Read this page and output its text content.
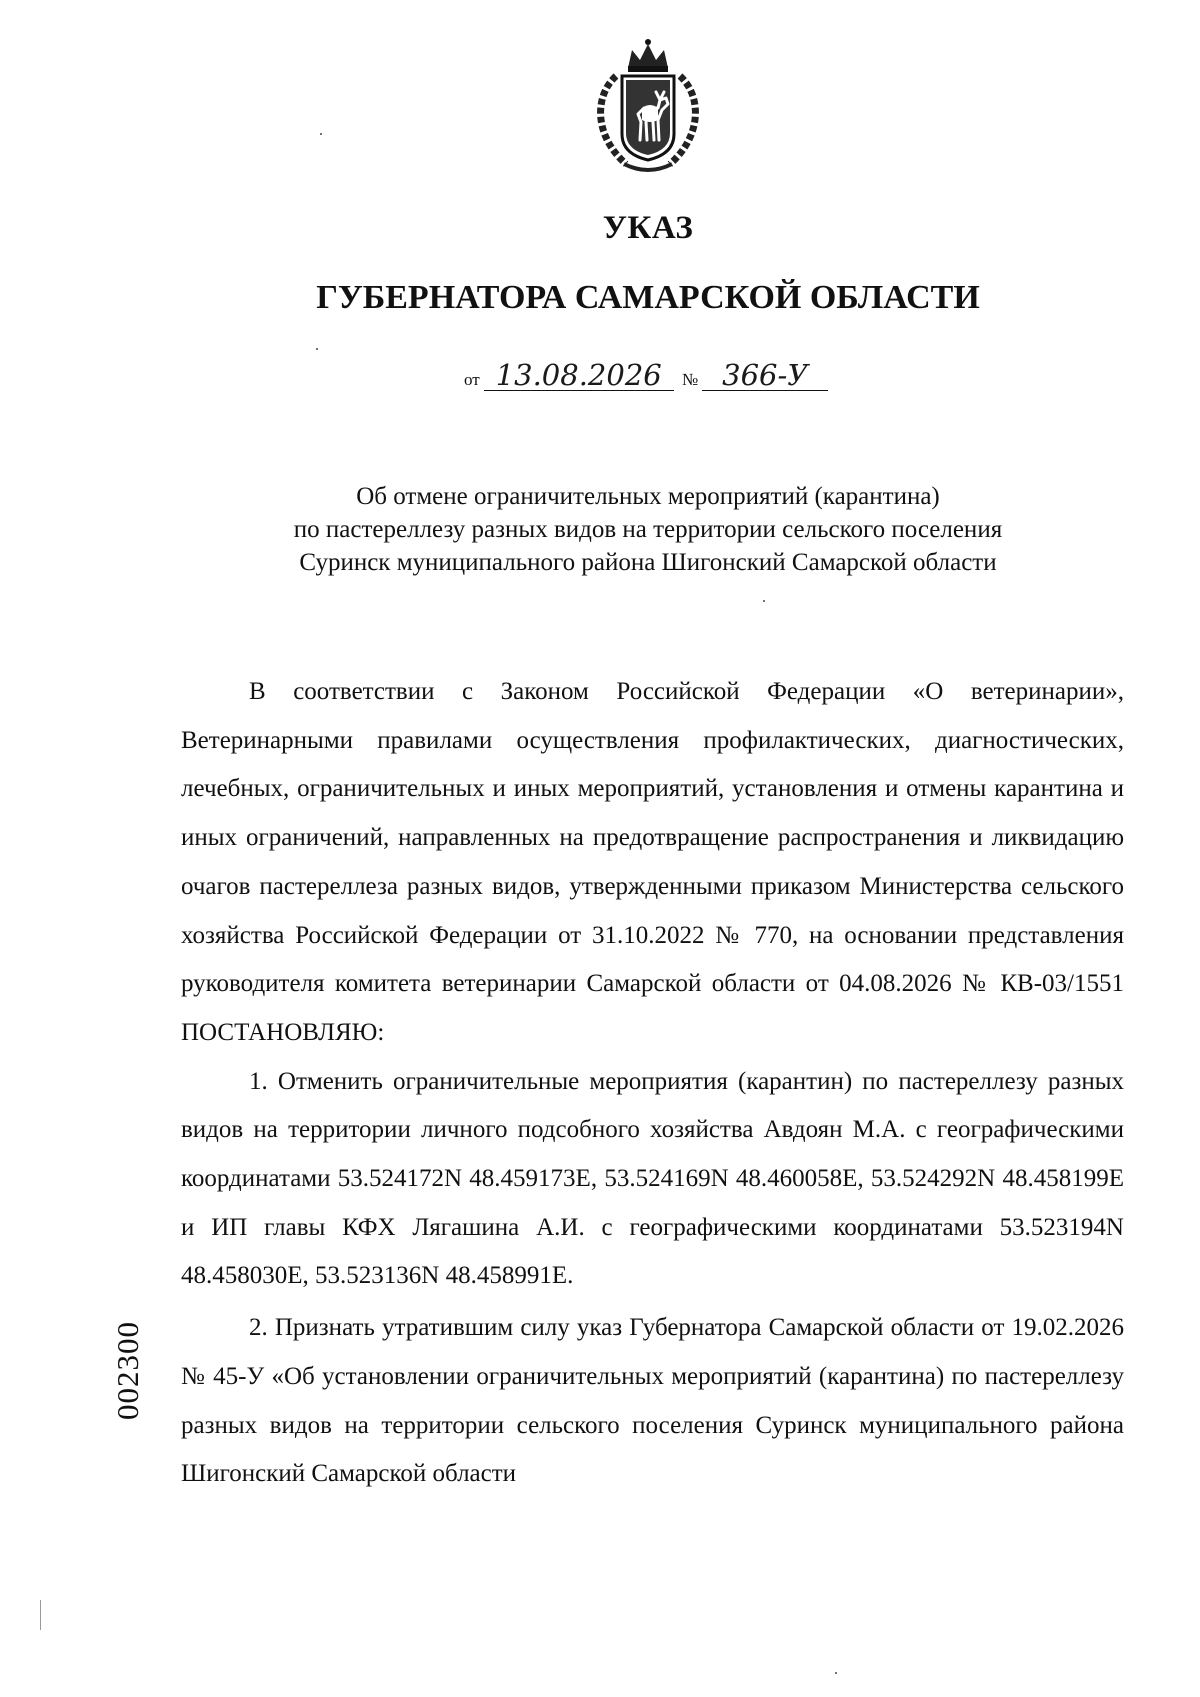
УКАЗ
ГУБЕРНАТОРА САМАРСКОЙ ОБЛАСТИ
от 13.08.2026 № 366-У
Об отмене ограничительных мероприятий (карантина)
по пастереллезу разных видов на территории сельского поселения
Суринск муниципального района Шигонский Самарской области

В соответствии с Законом Российской Федерации «О ветеринарии», Ветеринарными правилами осуществления профилактических, диагностических, лечебных, ограничительных и иных мероприятий, установления и отмены карантина и иных ограничений, направленных на предотвращение распространения и ликвидацию очагов пастереллеза разных видов, утвержденными приказом Министерства сельского хозяйства Российской Федерации от 31.10.2022 № 770, на основании представления руководителя комитета ветеринарии Самарской области от 04.08.2026 № КВ-03/1551 ПОСТАНОВЛЯЮ:

1. Отменить ограничительные мероприятия (карантин) по пастереллезу разных видов на территории личного подсобного хозяйства Авдоян М.А. с географическими координатами 53.524172N 48.459173E, 53.524169N 48.460058E, 53.524292N 48.458199E и ИП главы КФХ Лягашина А.И. с географическими координатами 53.523194N 48.458030E, 53.523136N 48.458991E.

2. Признать утратившим силу указ Губернатора Самарской области от 19.02.2026 № 45-У «Об установлении ограничительных мероприятий (карантина) по пастереллезу разных видов на территории сельского поселения Суринск муниципального района Шигонский Самарской области

002300
